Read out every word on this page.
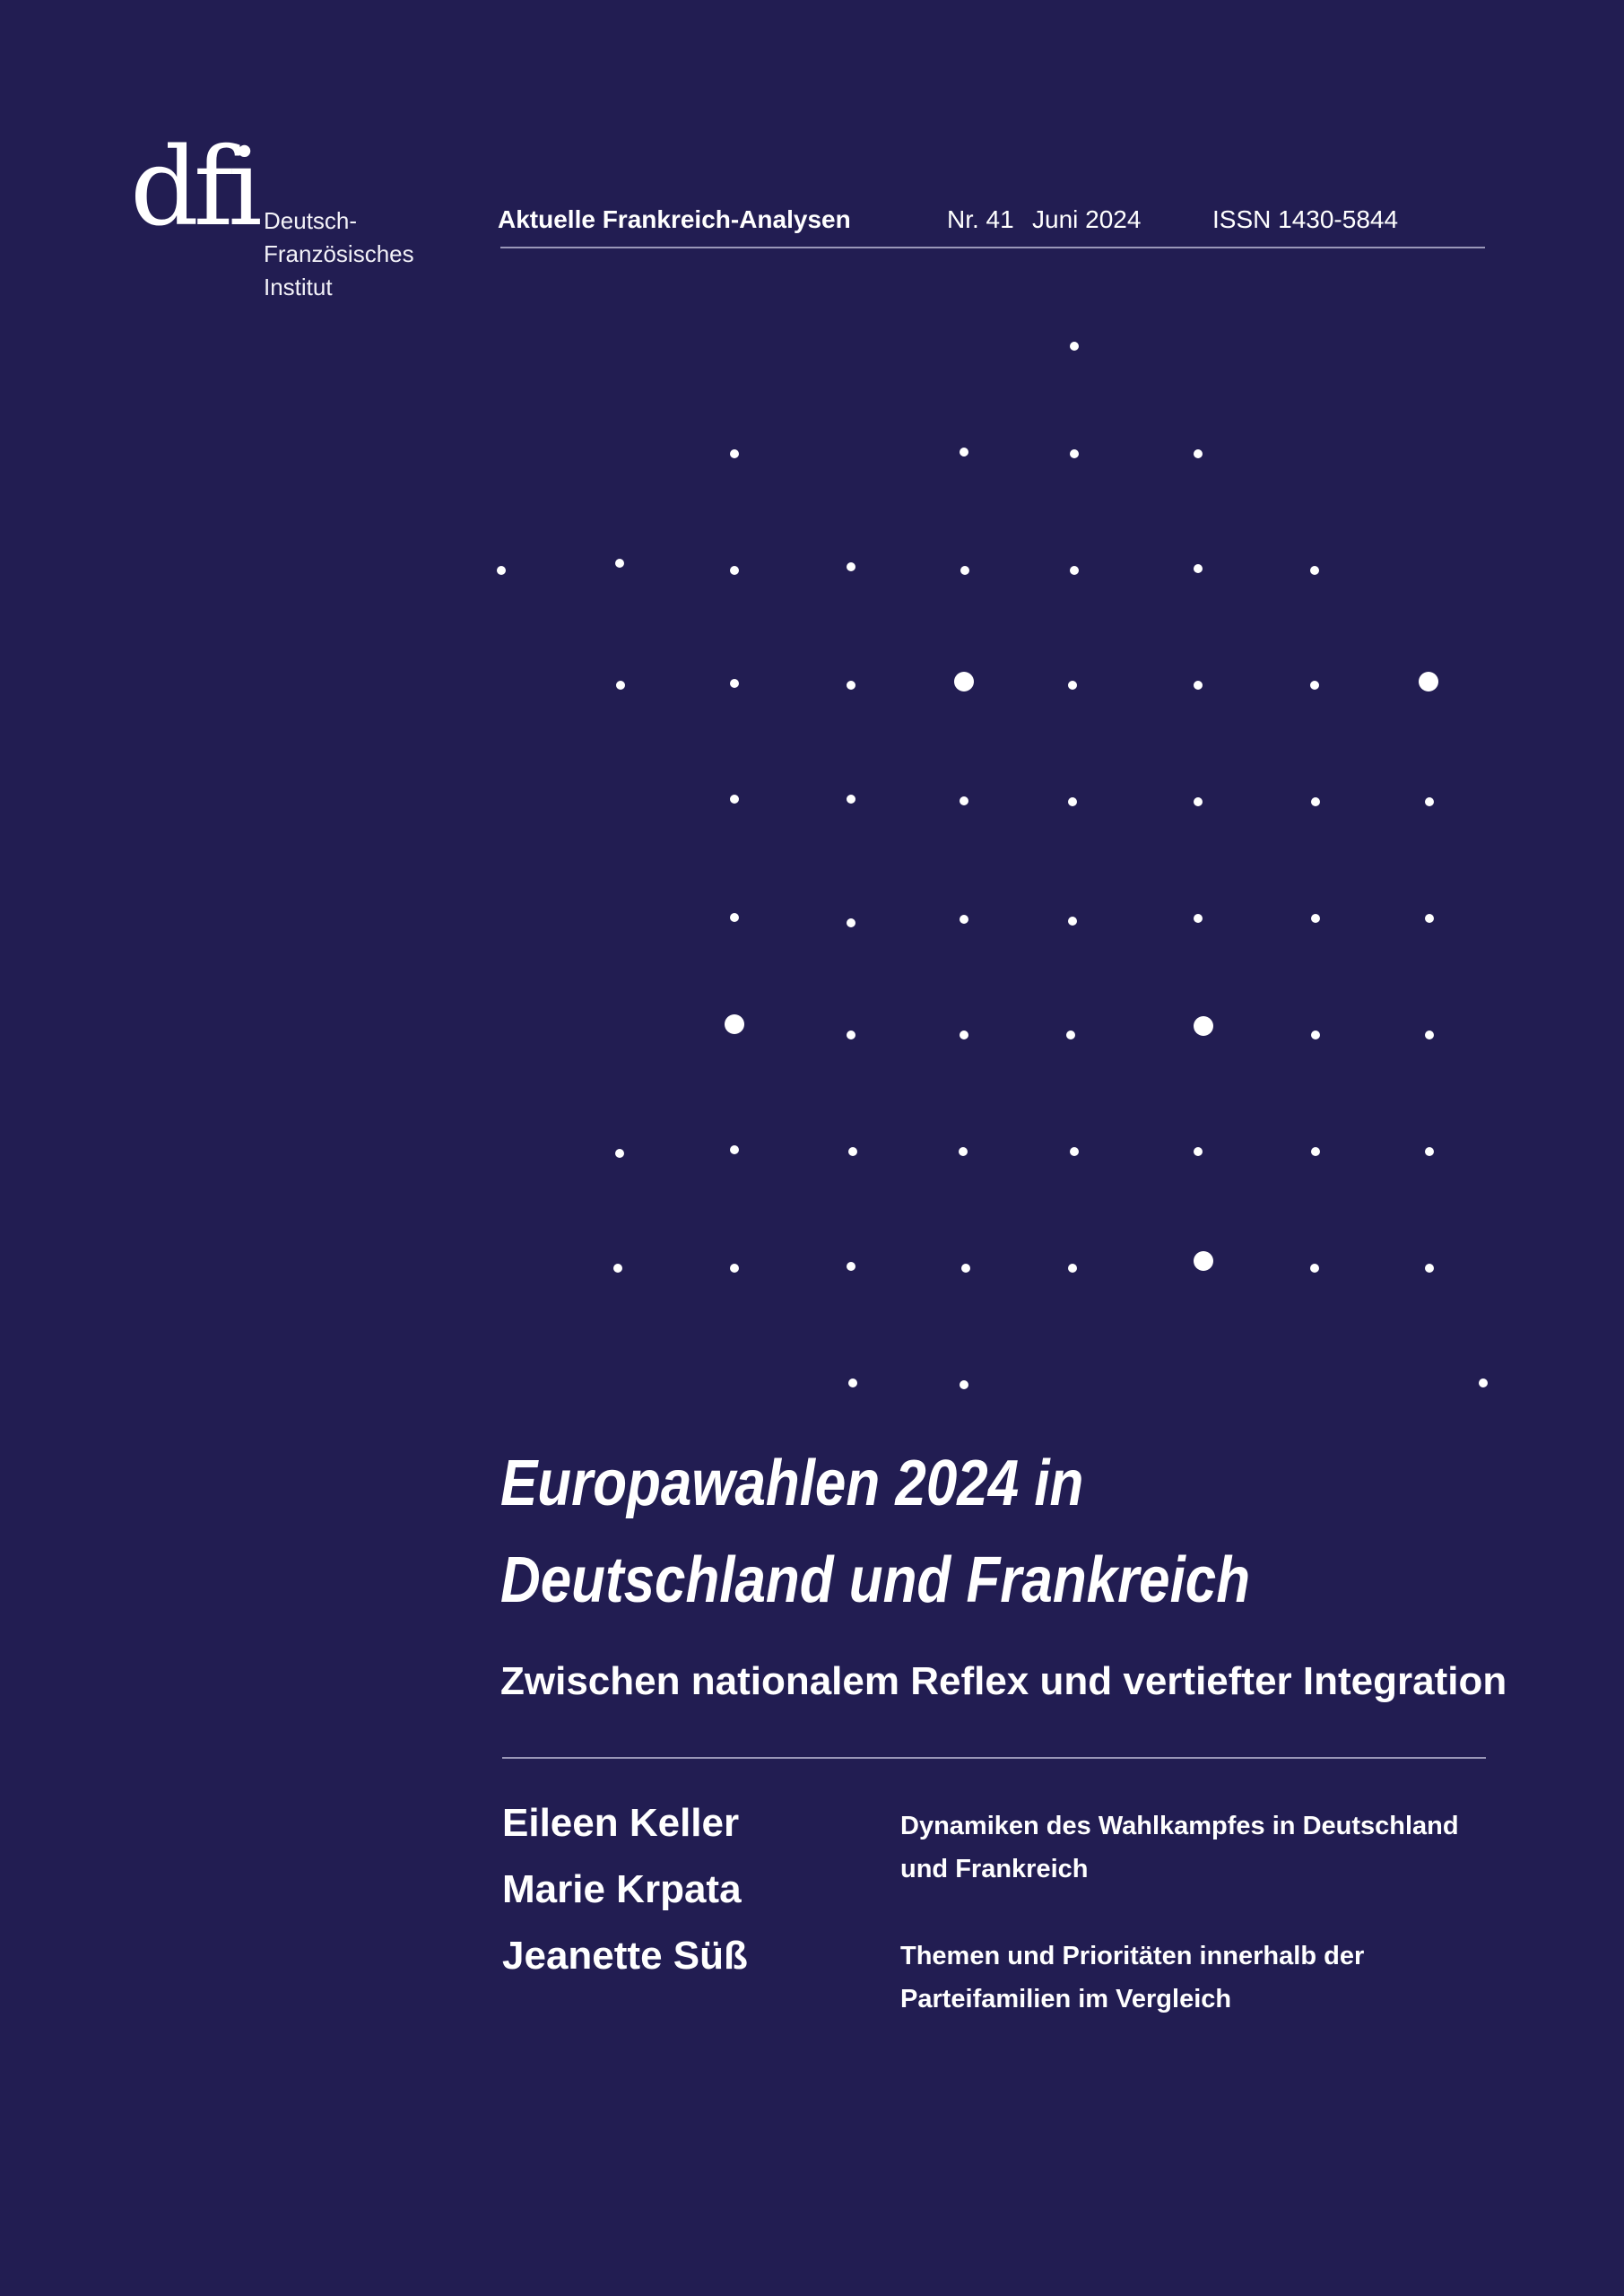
dfi Deutsch-
Französisches
Institut
Aktuelle Frankreich-Analysen	Nr. 41 Juni 2024	ISSN 1430-5844
Europawahlen 2024 in Deutschland und Frankreich
Zwischen nationalem Reflex und vertiefter Integration
Eileen Keller
Marie Krpata
Jeanette Süß
Dynamiken des Wahlkampfes in Deutschland und Frankreich
Themen und Prioritäten innerhalb der Parteifamilien im Vergleich
